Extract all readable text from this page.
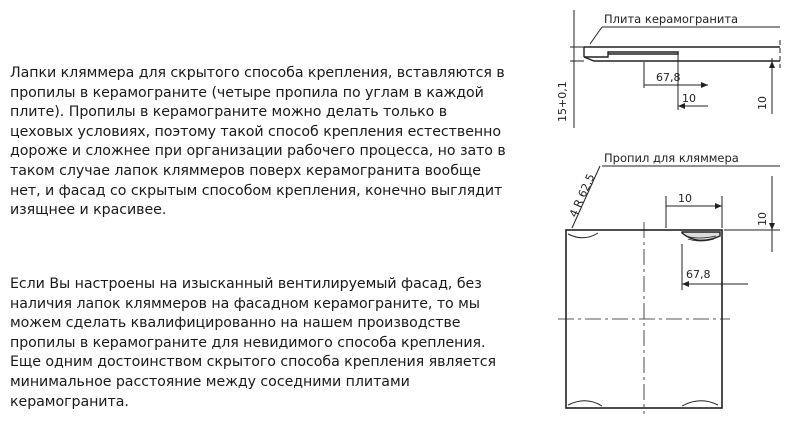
Лапки кляммера для скрытого способа крепления, вставляются в
пропилы в керамограните (четыре пропила по углам в каждой
плите). Пропилы в керамограните можно делать только в
цеховых условиях, поэтому такой способ крепления естественно
дороже и сложнее при организации рабочего процесса, но зато в
таком случае лапок кляммеров поверх керамогранита вообще
нет, и фасад со скрытым способом крепления, конечно выглядит
изящнее и красивее.

Если Вы настроены на изысканный вентилируемый фасад, без
наличия лапок кляммеров на фасадном керамограните, то мы
можем сделать квалифицированно на нашем производстве
пропилы в керамограните для невидимого способа крепления.
Еще одним достоинством скрытого способа крепления является
минимальное расстояние между соседними плитами
керамогранита.

Плита керамогранита
15+0,1
67,8
10	10
Пропил для кляммера
4 R 62,5	10
67,8
10
